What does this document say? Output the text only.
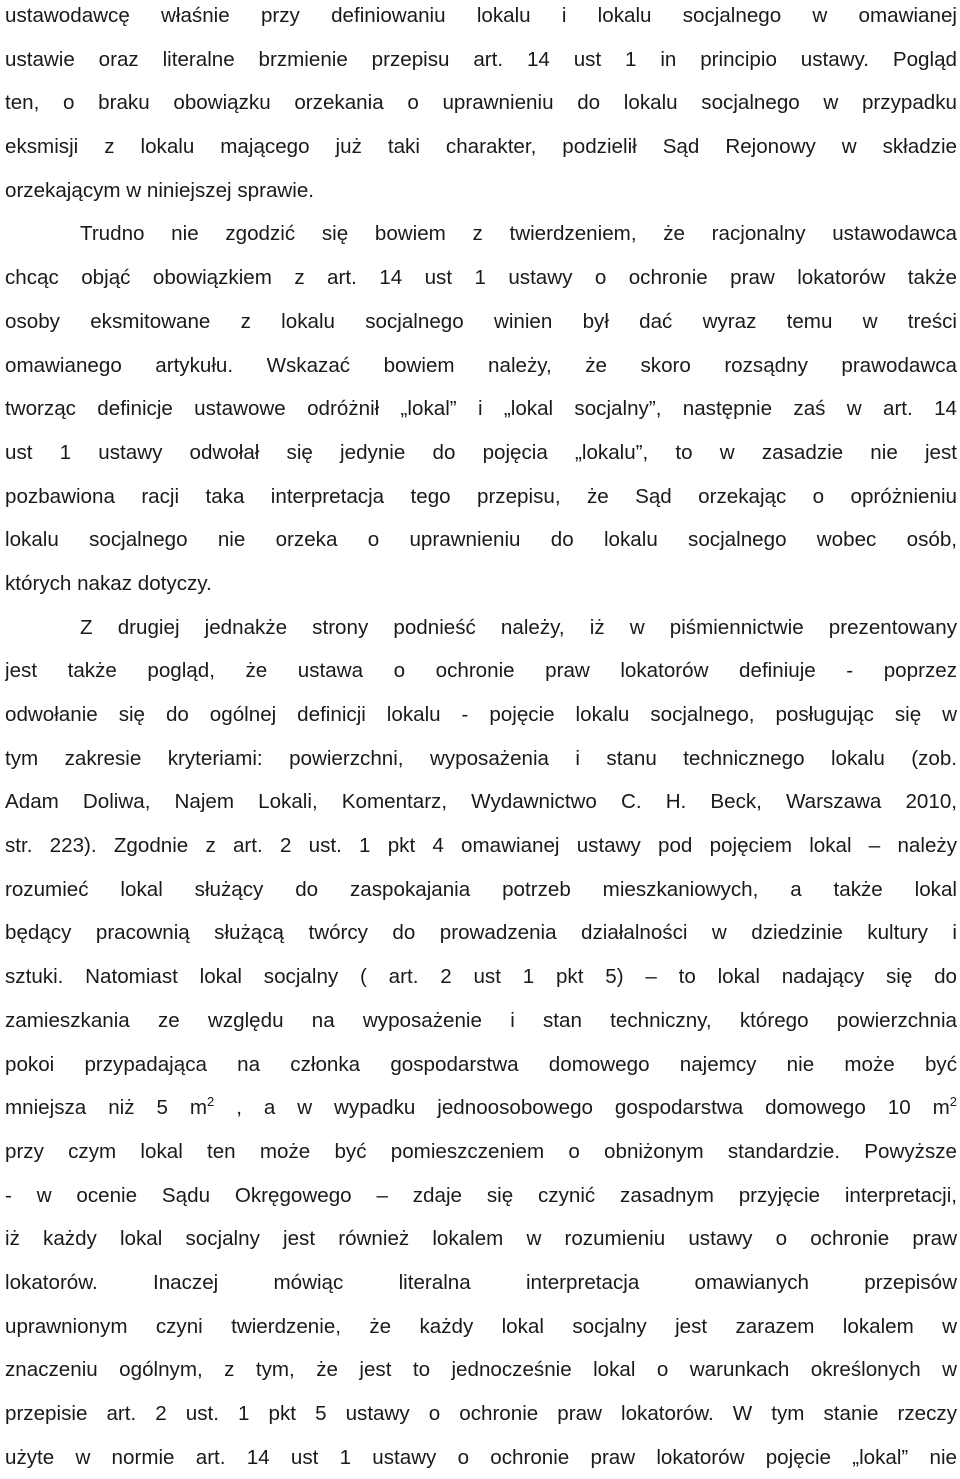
ustawodawcę właśnie przy definiowaniu lokalu i lokalu socjalnego w omawianej
ustawie oraz literalne brzmienie przepisu art. 14 ust 1 in principio ustawy. Pogląd
ten, o braku obowiązku orzekania o uprawnieniu do lokalu socjalnego w przypadku
eksmisji z lokalu mającego już taki charakter, podzielił Sąd Rejonowy w składzie
orzekającym w niniejszej sprawie.
Trudno nie zgodzić się bowiem z twierdzeniem, że racjonalny ustawodawca
chcąc objąć obowiązkiem z art. 14 ust 1 ustawy o ochronie praw lokatorów także
osoby eksmitowane z lokalu socjalnego winien był dać wyraz temu w treści
omawianego artykułu. Wskazać bowiem należy, że skoro rozsądny prawodawca
tworząc definicje ustawowe odróżnił „lokal” i „lokal socjalny”, następnie zaś w art. 14
ust 1 ustawy odwołał się jedynie do pojęcia „lokalu”, to w zasadzie nie jest
pozbawiona racji taka interpretacja tego przepisu, że Sąd orzekając o opróżnieniu
lokalu socjalnego nie orzeka o uprawnieniu do lokalu socjalnego wobec osób,
których nakaz dotyczy.
Z drugiej jednakże strony podnieść należy, iż w piśmiennictwie prezentowany
jest także pogląd, że ustawa o ochronie praw lokatorów definiuje - poprzez
odwołanie się do ogólnej definicji lokalu - pojęcie lokalu socjalnego, posługując się w
tym zakresie kryteriami: powierzchni, wyposażenia i stanu technicznego lokalu (zob.
Adam Doliwa, Najem Lokali, Komentarz, Wydawnictwo C. H. Beck, Warszawa 2010,
str. 223). Zgodnie z art. 2 ust. 1 pkt 4 omawianej ustawy pod pojęciem lokal – należy
rozumieć lokal służący do zaspokajania potrzeb mieszkaniowych, a także lokal
będący pracownią służącą twórcy do prowadzenia działalności w dziedzinie kultury i
sztuki. Natomiast lokal socjalny ( art. 2 ust 1 pkt 5) – to lokal nadający się do
zamieszkania ze względu na wyposażenie i stan techniczny, którego powierzchnia
pokoi przypadająca na członka gospodarstwa domowego najemcy nie może być
mniejsza niż 5 $m^2$ , a w wypadku jednoosobowego gospodarstwa domowego 10 $m^2$
przy czym lokal ten może być pomieszczeniem o obniżonym standardzie. Powyższe
- w ocenie Sądu Okręgowego – zdaje się czynić zasadnym przyjęcie interpretacji,
iż każdy lokal socjalny jest również lokalem w rozumieniu ustawy o ochronie praw
lokatorów. Inaczej mówiąc literalna interpretacja omawianych przepisów
uprawnionym czyni twierdzenie, że każdy lokal socjalny jest zarazem lokalem w
znaczeniu ogólnym, z tym, że jest to jednocześnie lokal o warunkach określonych w
przepisie art. 2 ust. 1 pkt 5 ustawy o ochronie praw lokatorów. W tym stanie rzeczy
użyte w normie art. 14 ust 1 ustawy o ochronie praw lokatorów pojęcie „lokal” nie
